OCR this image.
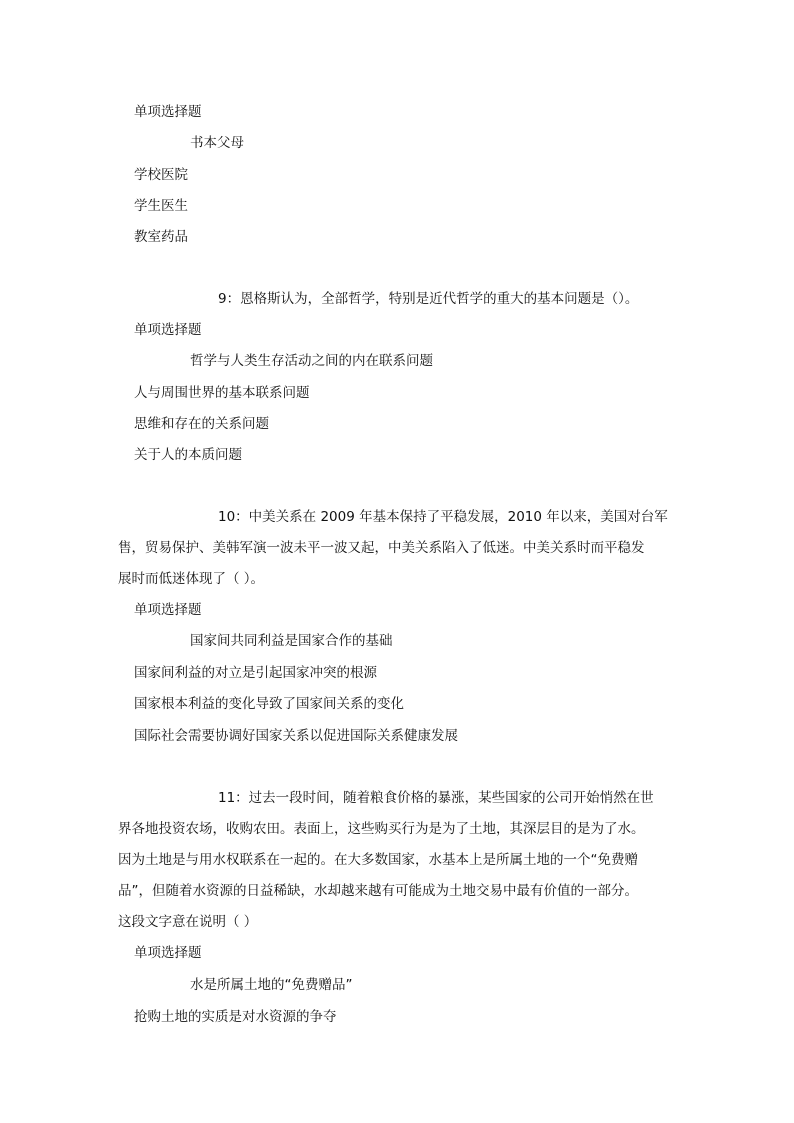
单项选择题
书本父母
学校医院
学生医生
教室药品
9：恩格斯认为，全部哲学，特别是近代哲学的重大的基本问题是（）。
单项选择题
哲学与人类生存活动之间的内在联系问题
人与周围世界的基本联系问题
思维和存在的关系问题
关于人的本质问题
10：中美关系在 2009 年基本保持了平稳发展，2010 年以来，美国对台军
售，贸易保护、美韩军演一波未平一波又起，中美关系陷入了低迷。中美关系时而平稳发
展时而低迷体现了（ ）。
单项选择题
国家间共同利益是国家合作的基础
国家间利益的对立是引起国家冲突的根源
国家根本利益的变化导致了国家间关系的变化
国际社会需要协调好国家关系以促进国际关系健康发展
11：过去一段时间，随着粮食价格的暴涨，某些国家的公司开始悄然在世
界各地投资农场，收购农田。表面上，这些购买行为是为了土地，其深层目的是为了水。
因为土地是与用水权联系在一起的。在大多数国家，水基本上是所属土地的一个“免费赠
品”，但随着水资源的日益稀缺，水却越来越有可能成为土地交易中最有价值的一部分。
这段文字意在说明（ ）
单项选择题
水是所属土地的“免费赠品”
抢购土地的实质是对水资源的争夺
